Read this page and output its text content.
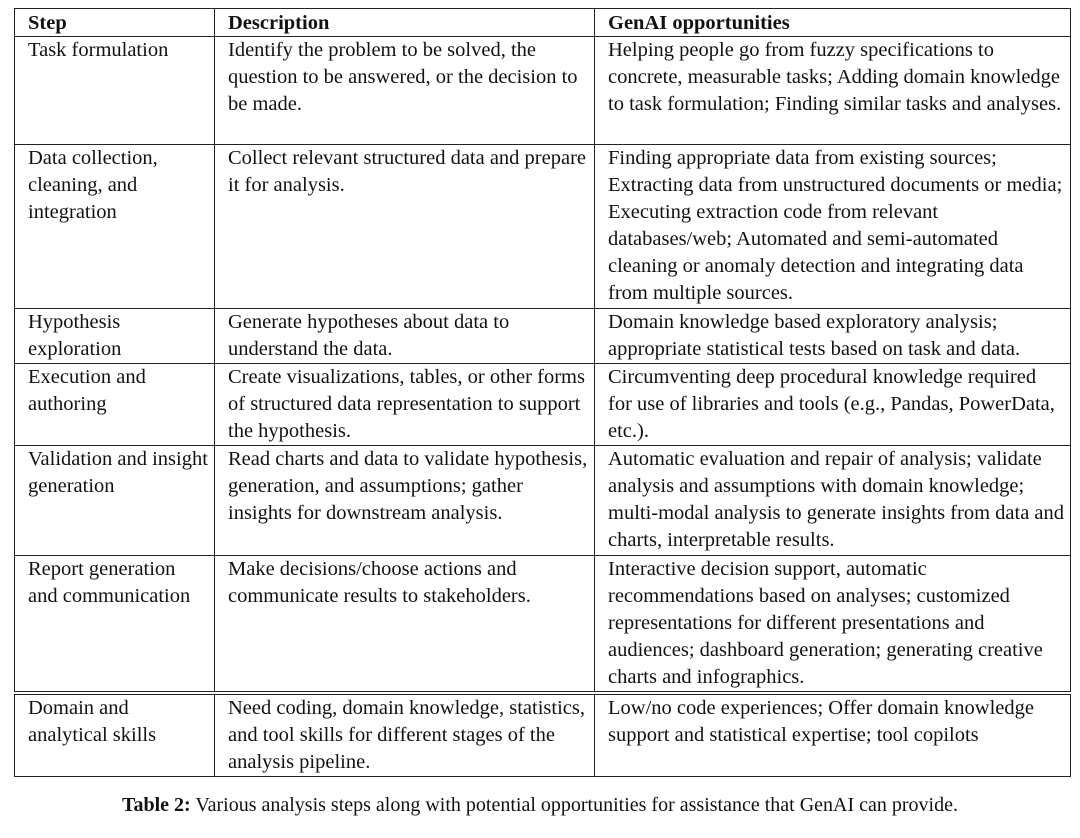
Step	Description	GenAI opportunities
Task formulation	Identify the problem to be solved, the question to be answered, or the decision to be made.	Helping people go from fuzzy specifications to concrete, measurable tasks; Adding domain knowledge to task formulation; Finding similar tasks and analyses.
Data collection, cleaning, and integration	Collect relevant structured data and prepare it for analysis.	Finding appropriate data from existing sources; Extracting data from unstructured documents or media; Executing extraction code from relevant databases/web; Automated and semi-automated cleaning or anomaly detection and integrating data from multiple sources.
Hypothesis exploration	Generate hypotheses about data to understand the data.	Domain knowledge based exploratory analysis; appropriate statistical tests based on task and data.
Execution and authoring	Create visualizations, tables, or other forms of structured data representation to support the hypothesis.	Circumventing deep procedural knowledge required for use of libraries and tools (e.g., Pandas, PowerData, etc.).
Validation and insight generation	Read charts and data to validate hypothesis, generation, and assumptions; gather insights for downstream analysis.	Automatic evaluation and repair of analysis; validate analysis and assumptions with domain knowledge; multi-modal analysis to generate insights from data and charts, interpretable results.
Report generation and communication	Make decisions/choose actions and communicate results to stakeholders.	Interactive decision support, automatic recommendations based on analyses; customized representations for different presentations and audiences; dashboard generation; generating creative charts and infographics.
Domain and analytical skills	Need coding, domain knowledge, statistics, and tool skills for different stages of the analysis pipeline.	Low/no code experiences; Offer domain knowledge support and statistical expertise; tool copilots
Table 2: Various analysis steps along with potential opportunities for assistance that GenAI can provide.
